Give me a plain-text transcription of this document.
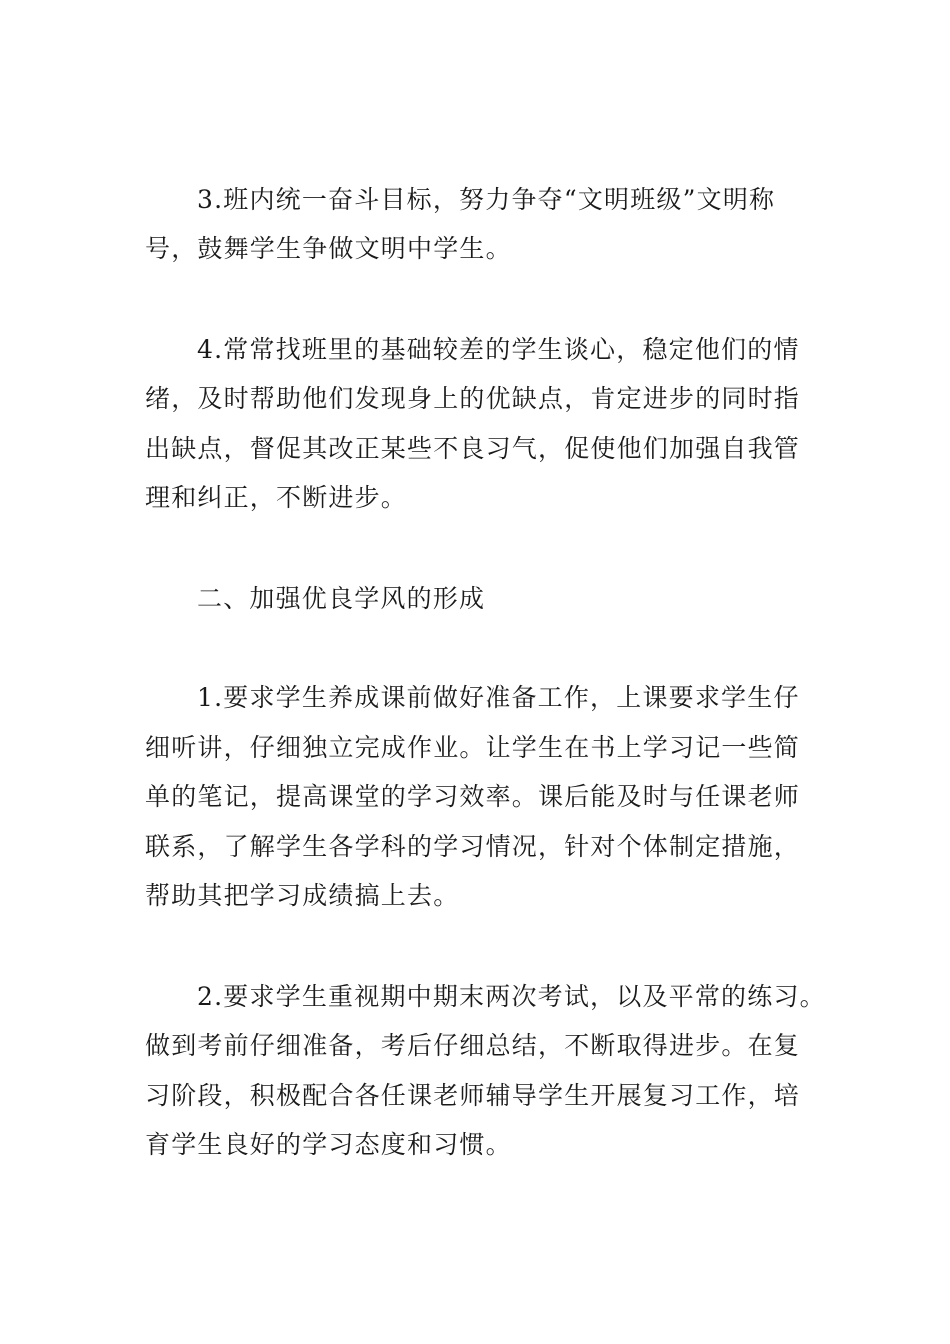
3.班内统一奋斗目标，努力争夺“文明班级”文明称
号，鼓舞学生争做文明中学生。
4.常常找班里的基础较差的学生谈心，稳定他们的情
绪，及时帮助他们发现身上的优缺点，肯定进步的同时指
出缺点，督促其改正某些不良习气，促使他们加强自我管
理和纠正，不断进步。
二、加强优良学风的形成
1.要求学生养成课前做好准备工作，上课要求学生仔
细听讲，仔细独立完成作业。让学生在书上学习记一些简
单的笔记，提高课堂的学习效率。课后能及时与任课老师
联系，了解学生各学科的学习情况，针对个体制定措施，
帮助其把学习成绩搞上去。
2.要求学生重视期中期末两次考试，以及平常的练习。
做到考前仔细准备，考后仔细总结，不断取得进步。在复
习阶段，积极配合各任课老师辅导学生开展复习工作，培
育学生良好的学习态度和习惯。
